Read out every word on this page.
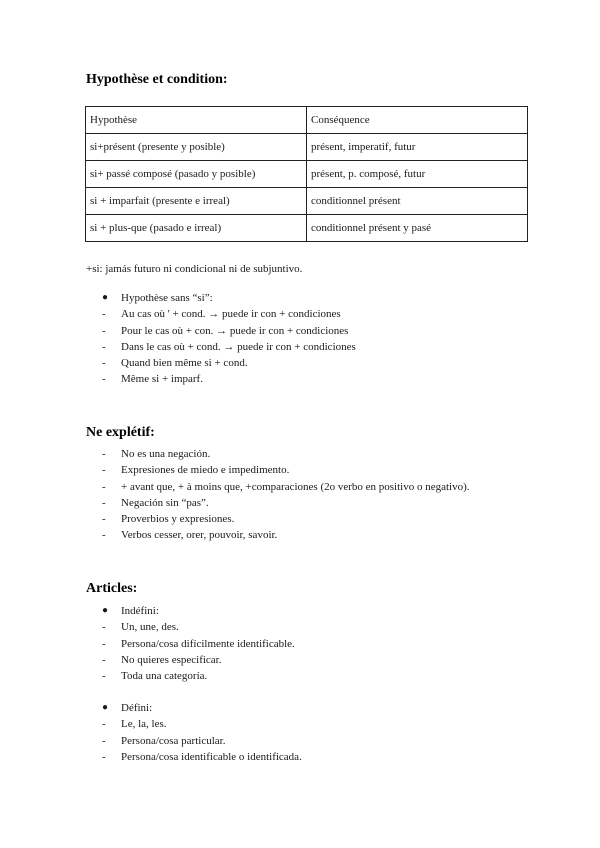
Hypothèse et condition:
Hypothèse	Conséquence
si+présent (presente y posible)	présent, imperatif, futur
si+ passé composé (pasado y posible)	présent, p. composé, futur
si + imparfait (presente e irreal)	conditionnel présent
si + plus-que (pasado e irreal)	conditionnel présent y pasé

+si: jamás futuro ni condicional ni de subjuntivo.

●	Hypothèse sans “si”:
-	Au cas où ' + cond. → puede ir con + condiciones
-	Pour le cas où + con. → puede ir con + condiciones
-	Dans le cas où + cond. → puede ir con + condiciones
-	Quand bien même si + cond.
-	Même si + imparf.
Ne explétif:
-	No es una negación.
-	Expresiones de miedo e impedimento.
-	+ avant que, + à moins que, +comparaciones (2o verbo en positivo o negativo).
-	Negación sin “pas”.
-	Proverbios y expresiones.
-	Verbos cesser, orer, pouvoir, savoir.
Articles:
●	Indéfini:
-	Un, une, des.
-	Persona/cosa difícilmente identificable.
-	No quieres especificar.
-	Toda una categoría.
●	Défini:
-	Le, la, les.
-	Persona/cosa particular.
-	Persona/cosa identificable o identificada.
